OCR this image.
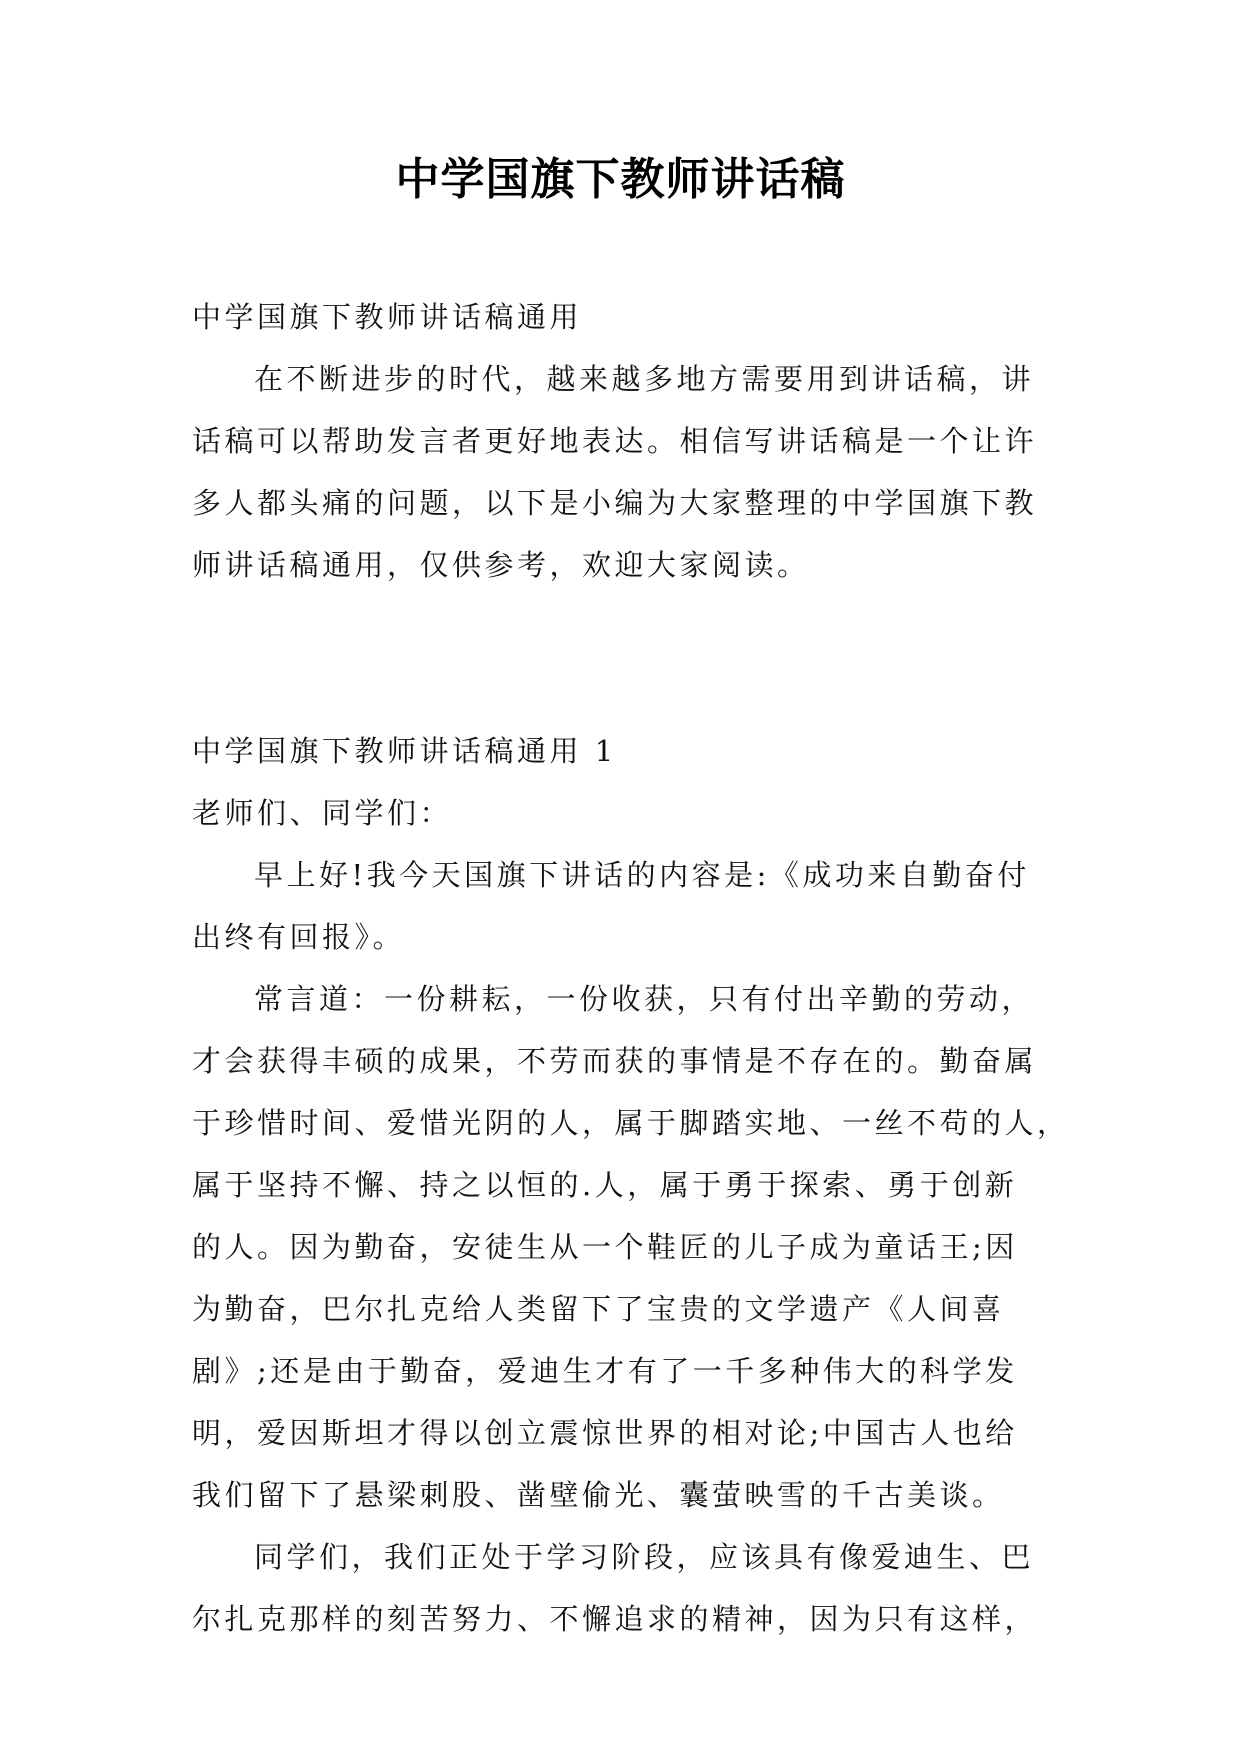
中学国旗下教师讲话稿
中学国旗下教师讲话稿通用
在不断进步的时代，越来越多地方需要用到讲话稿，讲
话稿可以帮助发言者更好地表达。相信写讲话稿是一个让许
多人都头痛的问题，以下是小编为大家整理的中学国旗下教
师讲话稿通用，仅供参考，欢迎大家阅读。
中学国旗下教师讲话稿通用 1
老师们、同学们：
早上好!我今天国旗下讲话的内容是:《成功来自勤奋付
出终有回报》。
常言道：一份耕耘，一份收获，只有付出辛勤的劳动，
才会获得丰硕的成果，不劳而获的事情是不存在的。勤奋属
于珍惜时间、爱惜光阴的人，属于脚踏实地、一丝不苟的人，
属于坚持不懈、持之以恒的.人，属于勇于探索、勇于创新
的人。因为勤奋，安徒生从一个鞋匠的儿子成为童话王;因
为勤奋，巴尔扎克给人类留下了宝贵的文学遗产《人间喜
剧》;还是由于勤奋，爱迪生才有了一千多种伟大的科学发
明，爱因斯坦才得以创立震惊世界的相对论;中国古人也给
我们留下了悬梁刺股、凿壁偷光、囊萤映雪的千古美谈。
同学们，我们正处于学习阶段，应该具有像爱迪生、巴
尔扎克那样的刻苦努力、不懈追求的精神，因为只有这样，
